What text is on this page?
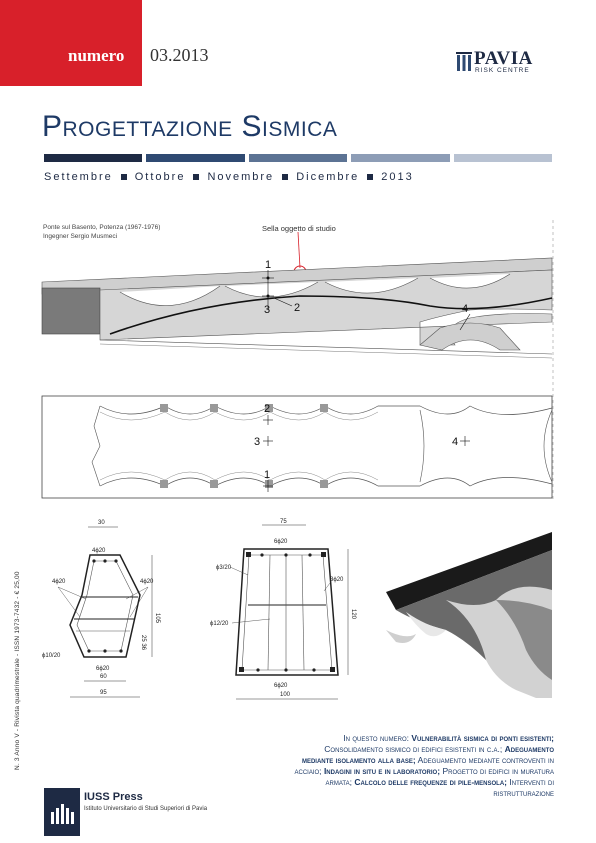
numero 03.2013	PAVIA
RISK CENTRE
Progettazione Sismica
Settembre Ottobre Novembre Dicembre 2013
Ponte sul Basento, Potenza (1967-1976)
Ingegner Sergio Musmeci
Sella oggetto di studio
1
2
3	4
2
3	4
1
30
4ϕ20
4ϕ20	4ϕ20
ϕ10/20
6ϕ20
105
25 36
60
95
75
6ϕ20
ϕ3/20
ϕ12/20
3ϕ20
120
6ϕ20
100
N. 3 Anno V - Rivista quadrimestrale - ISSN 1973-7432 - € 25,00
IUSS Press
Istituto Universitario di Studi Superiori di Pavia
In questo numero: Vulnerabilità sismica di ponti esistenti; Consolidamento sismico di edifici esistenti in c.a.; Adeguamento mediante isolamento alla base; Adeguamento mediante controventi in acciaio; Indagini in situ e in laboratorio; Progetto di edifici in muratura armata; Calcolo delle frequenze di pile-mensola; Interventi di ristrutturazione
